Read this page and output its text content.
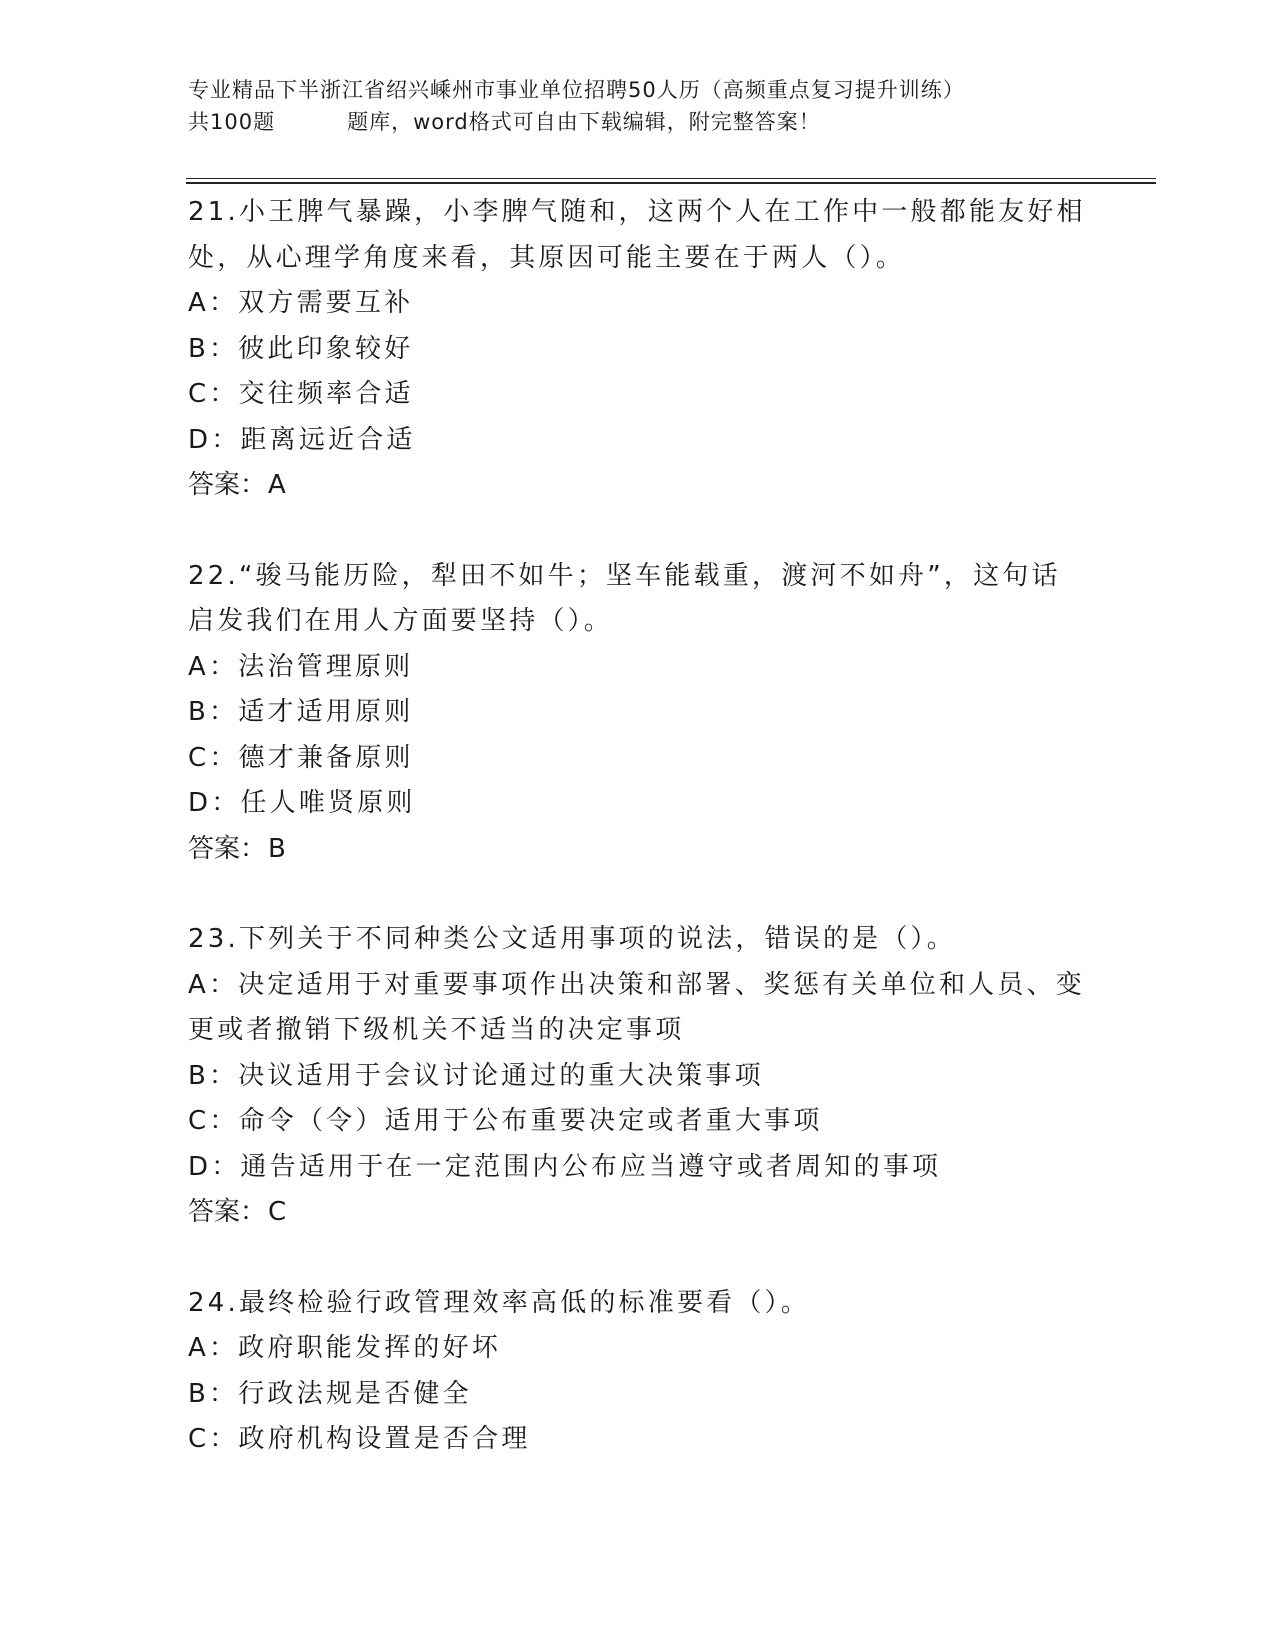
专业精品下半浙江省绍兴嵊州市事业单位招聘50人历（高频重点复习提升训练）
共100题	题库，word格式可自由下载编辑，附完整答案！
21.小王脾气暴躁，小李脾气随和，这两个人在工作中一般都能友好相
处，从心理学角度来看，其原因可能主要在于两人（）。
A：双方需要互补
B：彼此印象较好
C：交往频率合适
D：距离远近合适
答案：A
22.“骏马能历险，犁田不如牛；坚车能载重，渡河不如舟”，这句话
启发我们在用人方面要坚持（）。
A：法治管理原则
B：适才适用原则
C：德才兼备原则
D：任人唯贤原则
答案：B
23.下列关于不同种类公文适用事项的说法，错误的是（）。
A：决定适用于对重要事项作出决策和部署、奖惩有关单位和人员、变
更或者撤销下级机关不适当的决定事项
B：决议适用于会议讨论通过的重大决策事项
C：命令（令）适用于公布重要决定或者重大事项
D：通告适用于在一定范围内公布应当遵守或者周知的事项
答案：C
24.最终检验行政管理效率高低的标准要看（）。
A：政府职能发挥的好坏
B：行政法规是否健全
C：政府机构设置是否合理
